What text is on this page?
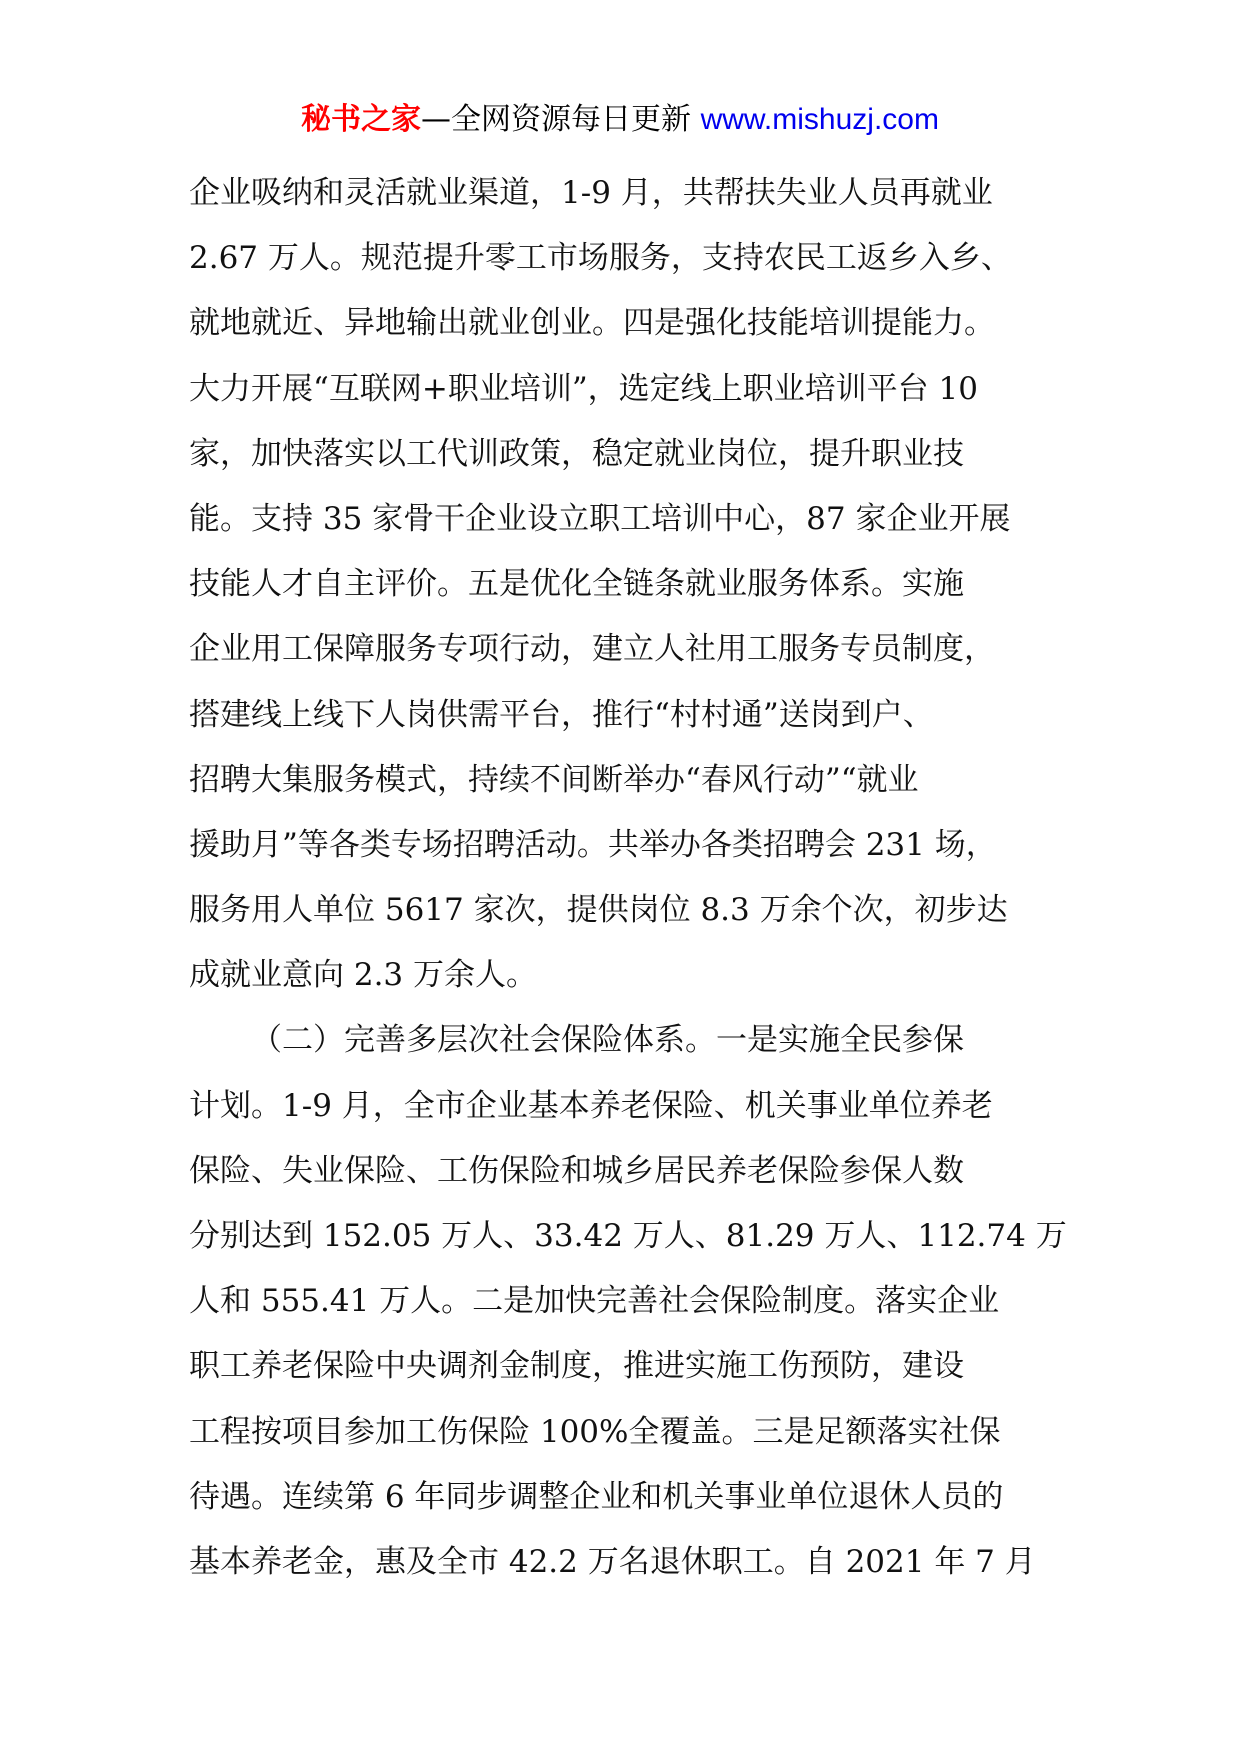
秘书之家—全网资源每日更新 www.mishuzj.com
企业吸纳和灵活就业渠道，1-9 月，共帮扶失业人员再就业
2.67 万人。规范提升零工市场服务，支持农民工返乡入乡、
就地就近、异地输出就业创业。四是强化技能培训提能力。
大力开展“互联网+职业培训”，选定线上职业培训平台 10
家，加快落实以工代训政策，稳定就业岗位，提升职业技
能。支持 35 家骨干企业设立职工培训中心，87 家企业开展
技能人才自主评价。五是优化全链条就业服务体系。实施
企业用工保障服务专项行动，建立人社用工服务专员制度，
搭建线上线下人岗供需平台，推行“村村通”送岗到户、
招聘大集服务模式，持续不间断举办“春风行动”“就业
援助月”等各类专场招聘活动。共举办各类招聘会 231 场，
服务用人单位 5617 家次，提供岗位 8.3 万余个次，初步达
成就业意向 2.3 万余人。
（二）完善多层次社会保险体系。一是实施全民参保
计划。1-9 月，全市企业基本养老保险、机关事业单位养老
保险、失业保险、工伤保险和城乡居民养老保险参保人数
分别达到 152.05 万人、33.42 万人、81.29 万人、112.74 万
人和 555.41 万人。二是加快完善社会保险制度。落实企业
职工养老保险中央调剂金制度，推进实施工伤预防，建设
工程按项目参加工伤保险 100%全覆盖。三是足额落实社保
待遇。连续第 6 年同步调整企业和机关事业单位退休人员的
基本养老金，惠及全市 42.2 万名退休职工。自 2021 年 7 月
